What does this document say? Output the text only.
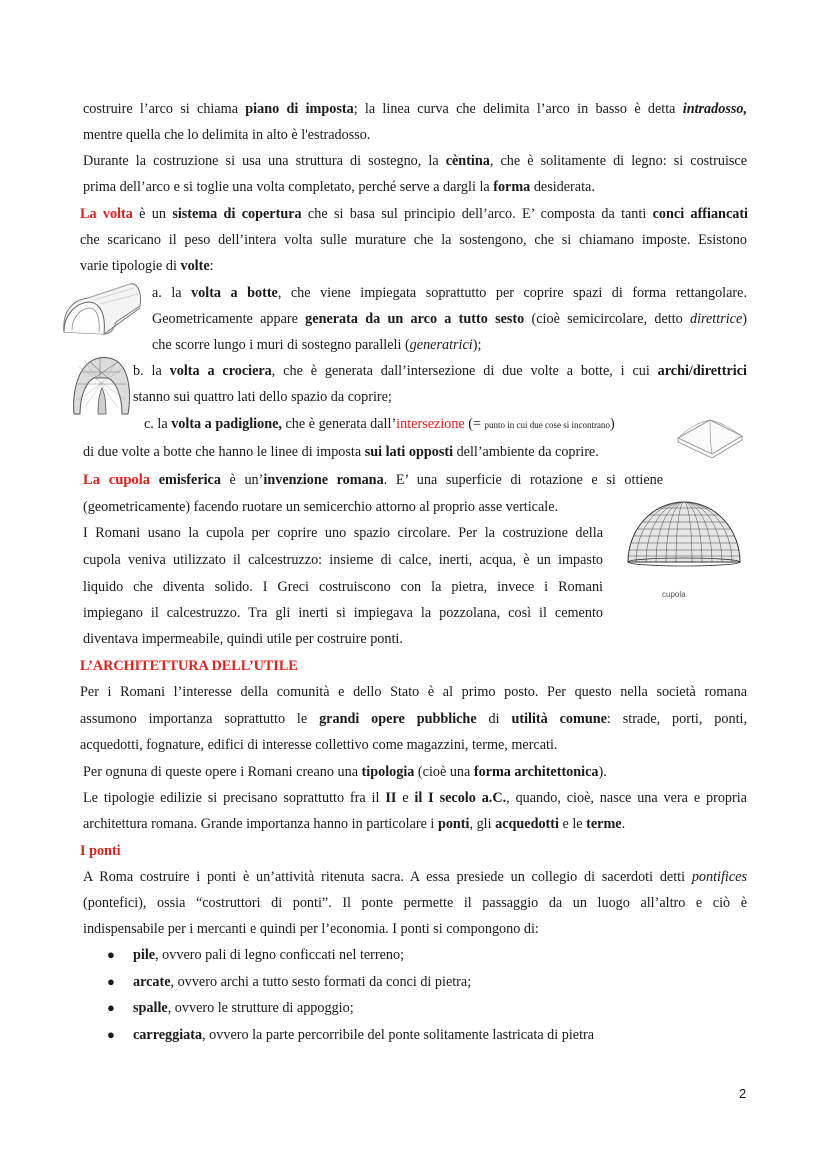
costruire l’arco si chiama piano di imposta; la linea curva che delimita l’arco in basso è detta intradosso,
mentre quella che lo delimita in alto è l'estradosso.
Durante la costruzione si usa una struttura di sostegno, la cèntina, che è solitamente di legno: si costruisce
prima dell’arco e si toglie una volta completato, perché serve a dargli la forma desiderata.
La volta è un sistema di copertura che si basa sul principio dell’arco. E’ composta da tanti conci affiancati
che scaricano il peso dell’intera volta sulle murature che la sostengono, che si chiamano imposte. Esistono
varie tipologie di volte:
a. la volta a botte, che viene impiegata soprattutto per coprire spazi di forma rettangolare.
Geometricamente appare generata da un arco a tutto sesto (cioè semicircolare, detto direttrice)
che scorre lungo i muri di sostegno paralleli (generatrici);
b. la volta a crociera, che è generata dall’intersezione di due volte a botte, i cui archi/direttrici
stanno sui quattro lati dello spazio da coprire;
c. la volta a padiglione, che è generata dall’intersezione (= punto in cui due cose si incontrano)
di due volte a botte che hanno le linee di imposta sui lati opposti dell’ambiente da coprire.
La cupola emisferica è un’invenzione romana. E’ una superficie di rotazione e si ottiene
(geometricamente) facendo ruotare un semicerchio attorno al proprio asse verticale.
I Romani usano la cupola per coprire uno spazio circolare. Per la costruzione della
cupola veniva utilizzato il calcestruzzo: insieme di calce, inerti, acqua, è un impasto
liquido che diventa solido. I Greci costruiscono con la pietra, invece i Romani
impiegano il calcestruzzo. Tra gli inerti si impiegava la pozzolana, così il cemento
diventava impermeabile, quindi utile per costruire ponti.
L’ARCHITETTURA DELL’UTILE
Per i Romani l’interesse della comunità e dello Stato è al primo posto. Per questo nella società romana
assumono importanza soprattutto le grandi opere pubbliche di utilità comune: strade, porti, ponti,
acquedotti, fognature, edifici di interesse collettivo come magazzini, terme, mercati.
Per ognuna di queste opere i Romani creano una tipologia (cioè una forma architettonica).
Le tipologie edilizie si precisano soprattutto fra il II e il I secolo a.C., quando, cioè, nasce una vera e propria
architettura romana. Grande importanza hanno in particolare i ponti, gli acquedotti e le terme.
I ponti
A Roma costruire i ponti è un’attività ritenuta sacra. A essa presiede un collegio di sacerdoti detti pontifices
(pontefici), ossia “costruttori di ponti”. Il ponte permette il passaggio da un luogo all’altro e ciò è
indispensabile per i mercanti e quindi per l’economia. I ponti si compongono di:
● pile, ovvero pali di legno conficcati nel terreno;
● arcate, ovvero archi a tutto sesto formati da conci di pietra;
● spalle, ovvero le strutture di appoggio;
● carreggiata, ovvero la parte percorribile del ponte solitamente lastricata di pietra
cupola
2
